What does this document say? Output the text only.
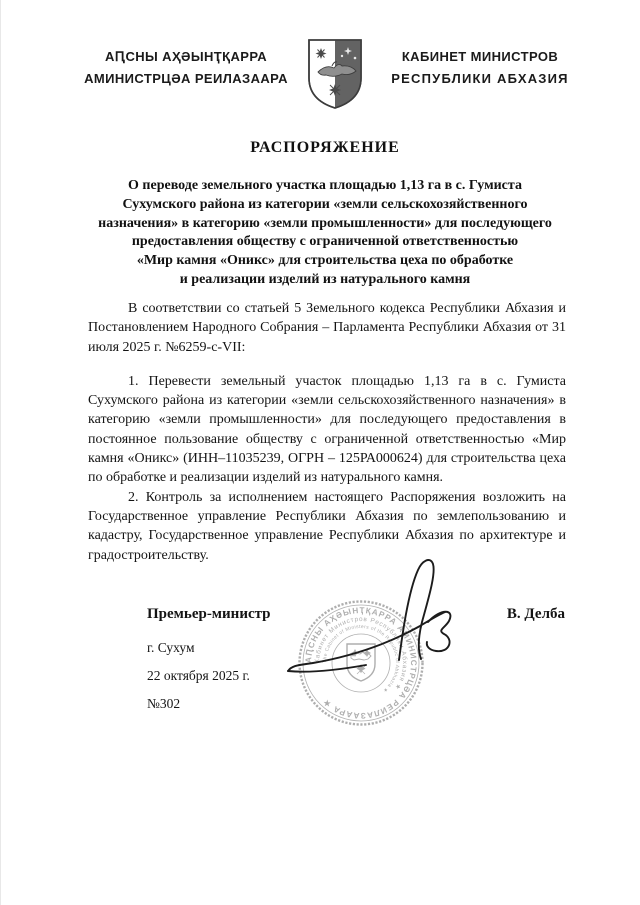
АԤСНЫ АҲӘЫНҬҚАРРА
АМИНИСТРЦӘА РЕИЛАЗААРА
КАБИНЕТ МИНИСТРОВ
РЕСПУБЛИКИ АБХАЗИЯ
РАСПОРЯЖЕНИЕ
О переводе земельного участка площадью 1,13 га в с. Гумиста
Сухумского района из категории «земли сельскохозяйственного
назначения» в категорию «земли промышленности» для последующего
предоставления обществу с ограниченной ответственностью
«Мир камня «Оникс» для строительства цеха по обработке
и реализации изделий из натурального камня

В соответствии со статьей 5 Земельного кодекса Республики Абхазия и Постановлением Народного Собрания – Парламента Республики Абхазия от 31 июля 2025 г. №6259-с-VII:

1. Перевести земельный участок площадью 1,13 га в с. Гумиста Сухумского района из категории «земли сельскохозяйственного назначения» в категорию «земли промышленности» для последующего предоставления в постоянное пользование обществу с ограниченной ответственностью «Мир камня «Оникс» (ИНН–11035239, ОГРН – 125РА000624) для строительства цеха по обработке и реализации изделий из натурального камня.

2. Контроль за исполнением настоящего Распоряжения возложить на Государственное управление Республики Абхазия по землепользованию и кадастру, Государственное управление Республики Абхазия по архитектуре и градостроительству.

АԤСНЫ АҲӘЫНҬҚАРРА АМИНИСТРЦӘА РЕИЛАЗААРА ★
Кабинет Министров Республики Абхазия ★
The Cabinet of Ministers of the Republic of Abkhazia ★
Премьер-министр	В. Делба
г. Сухум
22 октября 2025 г.
№302
